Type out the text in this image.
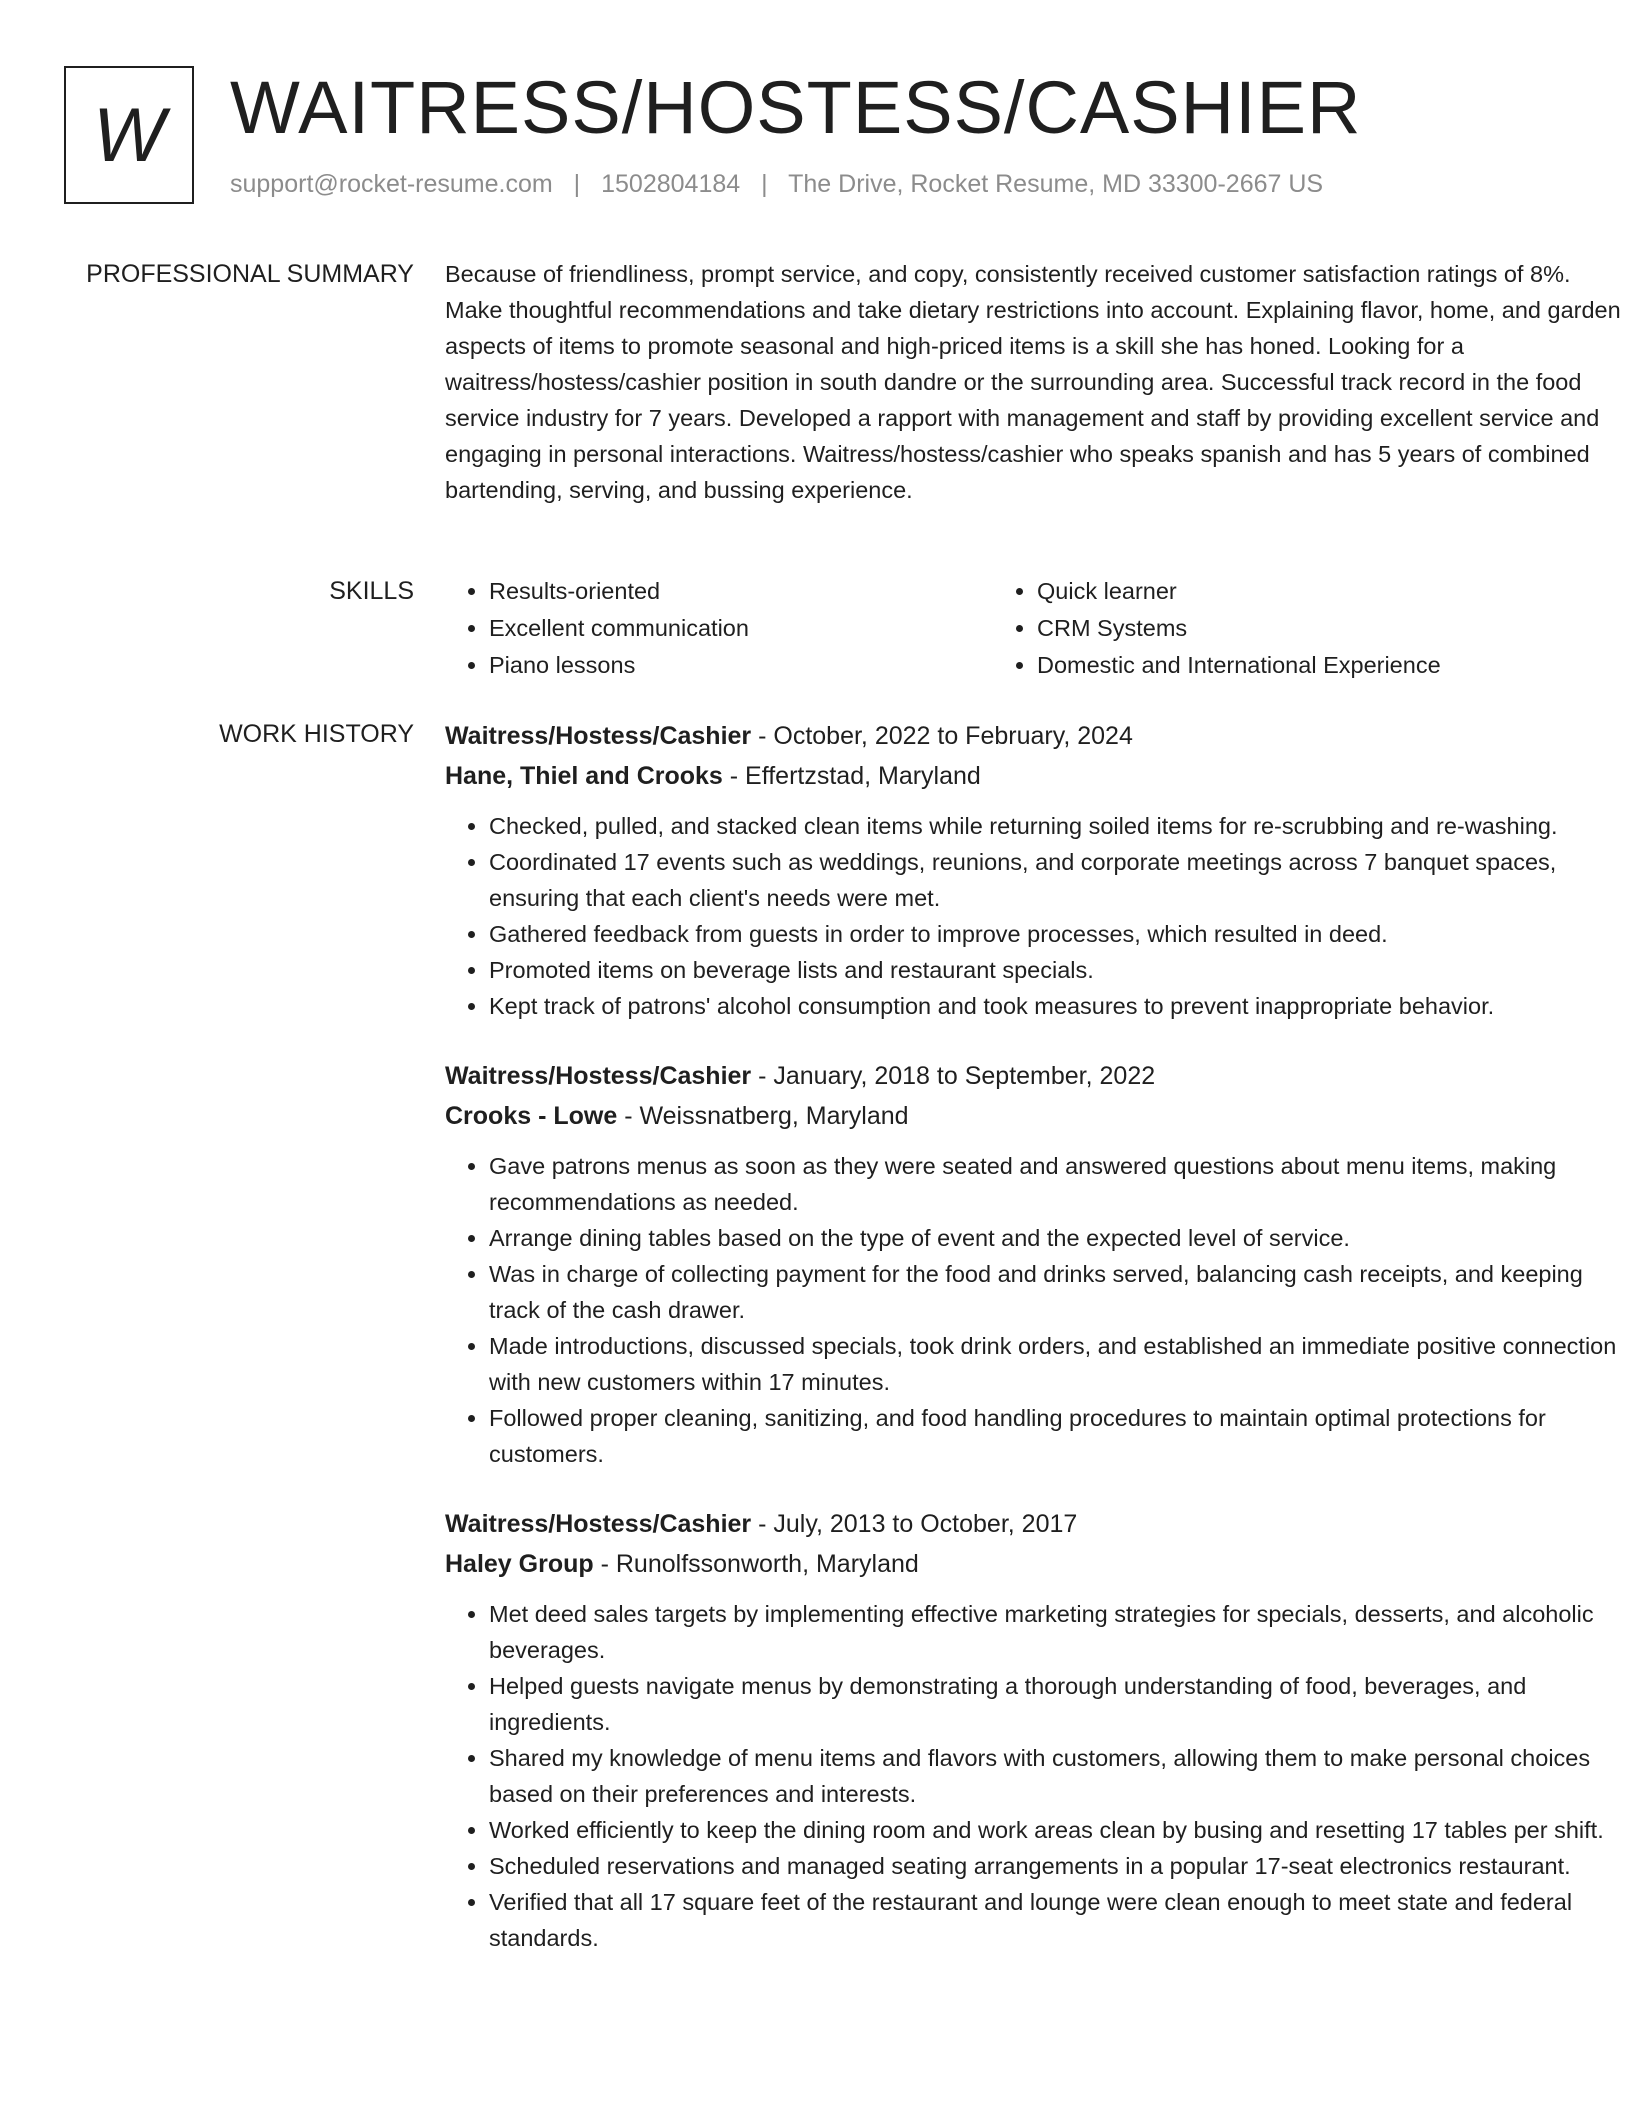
W WAITRESS/HOSTESS/CASHIER
support@rocket-resume.com | 1502804184 | The Drive, Rocket Resume, MD 33300-2667 US
PROFESSIONAL SUMMARY Because of friendliness, prompt service, and copy, consistently received customer satisfaction ratings of 8%. Make thoughtful recommendations and take dietary restrictions into account. Explaining flavor, home, and garden aspects of items to promote seasonal and high-priced items is a skill she has honed. Looking for a waitress/hostess/cashier position in south dandre or the surrounding area. Successful track record in the food service industry for 7 years. Developed a rapport with management and staff by providing excellent service and engaging in personal interactions. Waitress/hostess/cashier who speaks spanish and has 5 years of combined bartending, serving, and bussing experience.

SKILLS
•	Results-oriented
• Excellent communication
• Piano lessons
• Quick learner
• CRM Systems
• Domestic and International Experience
WORK HISTORY Waitress/Hostess/Cashier - October, 2022 to February, 2024
Hane, Thiel and Crooks - Effertzstad, Maryland
• Checked, pulled, and stacked clean items while returning soiled items for re-scrubbing and re-washing.
• Coordinated 17 events such as weddings, reunions, and corporate meetings across 7 banquet spaces, ensuring that each client's needs were met.
• Gathered feedback from guests in order to improve processes, which resulted in deed.
• Promoted items on beverage lists and restaurant specials.
• Kept track of patrons' alcohol consumption and took measures to prevent inappropriate behavior.
Waitress/Hostess/Cashier - January, 2018 to September, 2022
Crooks - Lowe - Weissnatberg, Maryland
• Gave patrons menus as soon as they were seated and answered questions about menu items, making recommendations as needed.
• Arrange dining tables based on the type of event and the expected level of service.
• Was in charge of collecting payment for the food and drinks served, balancing cash receipts, and keeping track of the cash drawer.
• Made introductions, discussed specials, took drink orders, and established an immediate positive connection with new customers within 17 minutes.
• Followed proper cleaning, sanitizing, and food handling procedures to maintain optimal protections for customers.
Waitress/Hostess/Cashier - July, 2013 to October, 2017
Haley Group - Runolfssonworth, Maryland
• Met deed sales targets by implementing effective marketing strategies for specials, desserts, and alcoholic beverages.
• Helped guests navigate menus by demonstrating a thorough understanding of food, beverages, and ingredients.
• Shared my knowledge of menu items and flavors with customers, allowing them to make personal choices based on their preferences and interests.
• Worked efficiently to keep the dining room and work areas clean by busing and resetting 17 tables per shift.
• Scheduled reservations and managed seating arrangements in a popular 17-seat electronics restaurant.
• Verified that all 17 square feet of the restaurant and lounge were clean enough to meet state and federal standards.
